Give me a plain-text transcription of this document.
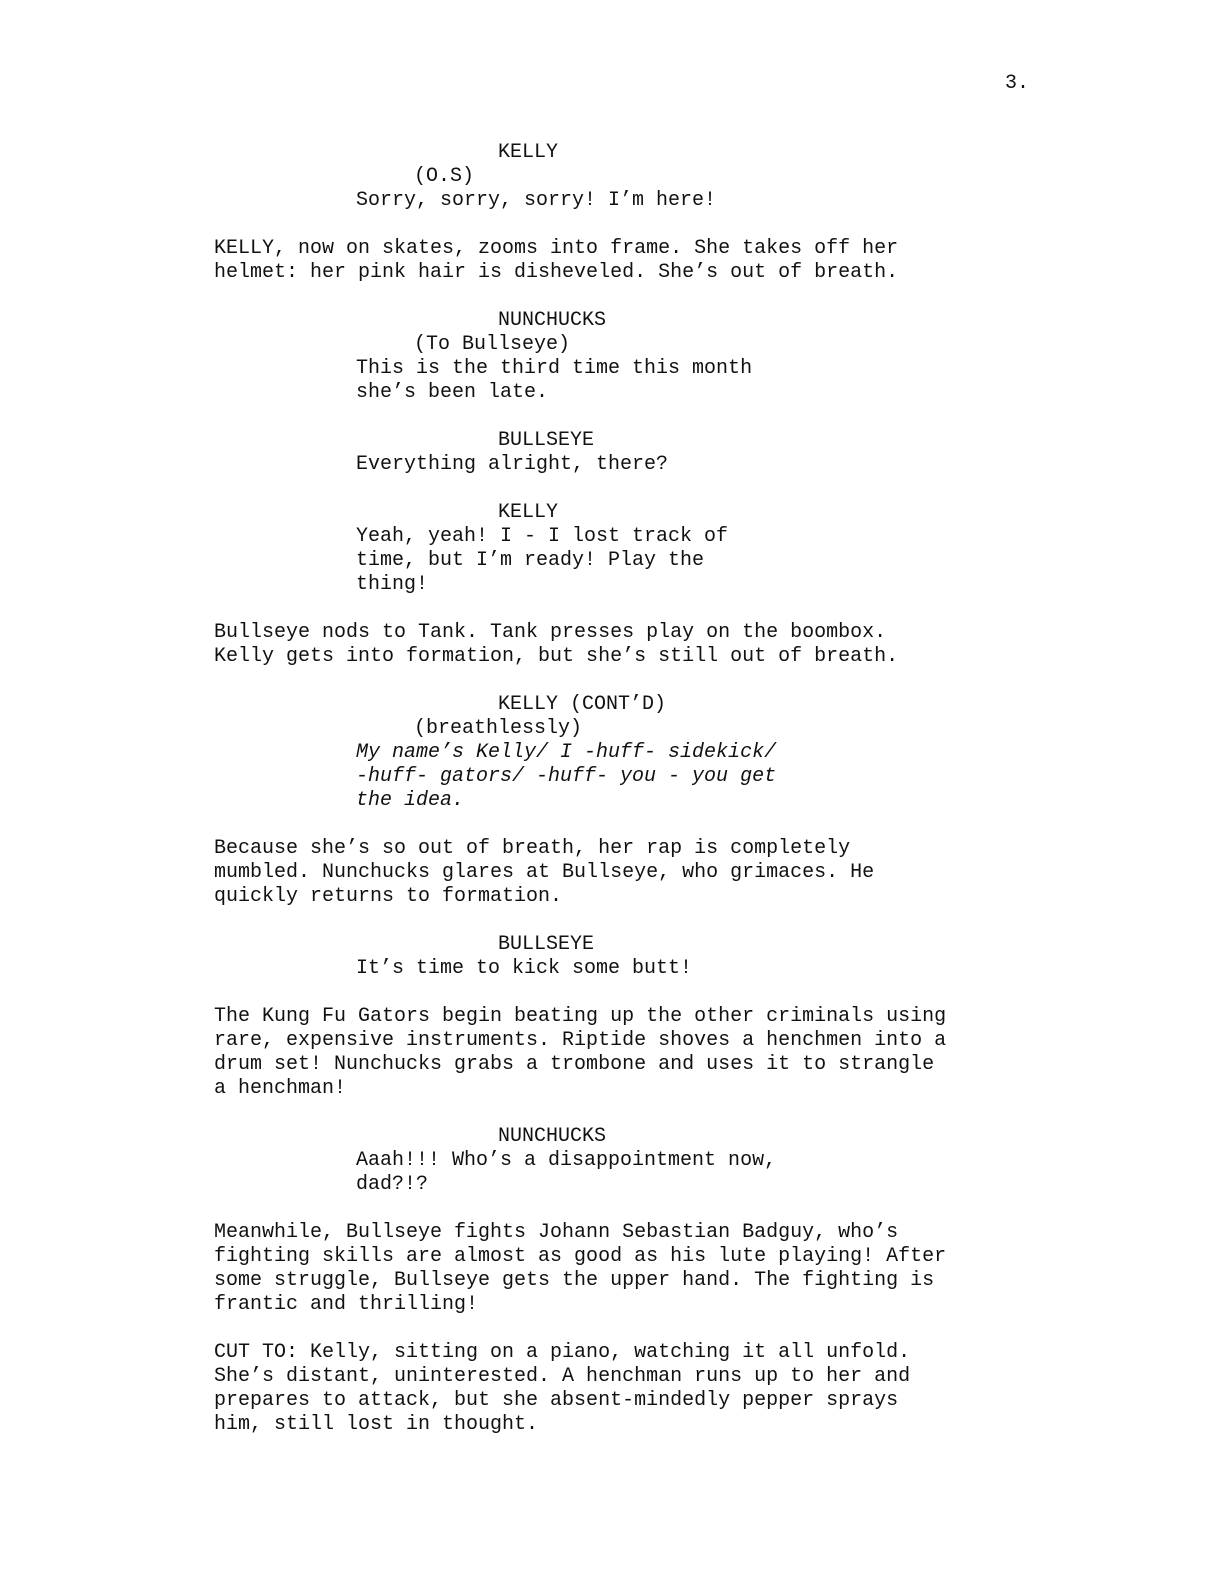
3.
KELLY
(O.S)
Sorry, sorry, sorry! I’m here!
KELLY, now on skates, zooms into frame. She takes off her
helmet: her pink hair is disheveled. She’s out of breath.
NUNCHUCKS
(To Bullseye)
This is the third time this month
she’s been late.
BULLSEYE
Everything alright, there?
KELLY
Yeah, yeah! I - I lost track of
time, but I’m ready! Play the
thing!
Bullseye nods to Tank. Tank presses play on the boombox.
Kelly gets into formation, but she’s still out of breath.
KELLY (CONT’D)
(breathlessly)
My name’s Kelly/ I -huff- sidekick/
-huff- gators/ -huff- you - you get
the idea.
Because she’s so out of breath, her rap is completely
mumbled. Nunchucks glares at Bullseye, who grimaces. He
quickly returns to formation.
BULLSEYE
It’s time to kick some butt!
The Kung Fu Gators begin beating up the other criminals using
rare, expensive instruments. Riptide shoves a henchmen into a
drum set! Nunchucks grabs a trombone and uses it to strangle
a henchman!
NUNCHUCKS
Aaah!!! Who’s a disappointment now,
dad?!?
Meanwhile, Bullseye fights Johann Sebastian Badguy, who’s
fighting skills are almost as good as his lute playing! After
some struggle, Bullseye gets the upper hand. The fighting is
frantic and thrilling!
CUT TO: Kelly, sitting on a piano, watching it all unfold.
She’s distant, uninterested. A henchman runs up to her and
prepares to attack, but she absent-mindedly pepper sprays
him, still lost in thought.
